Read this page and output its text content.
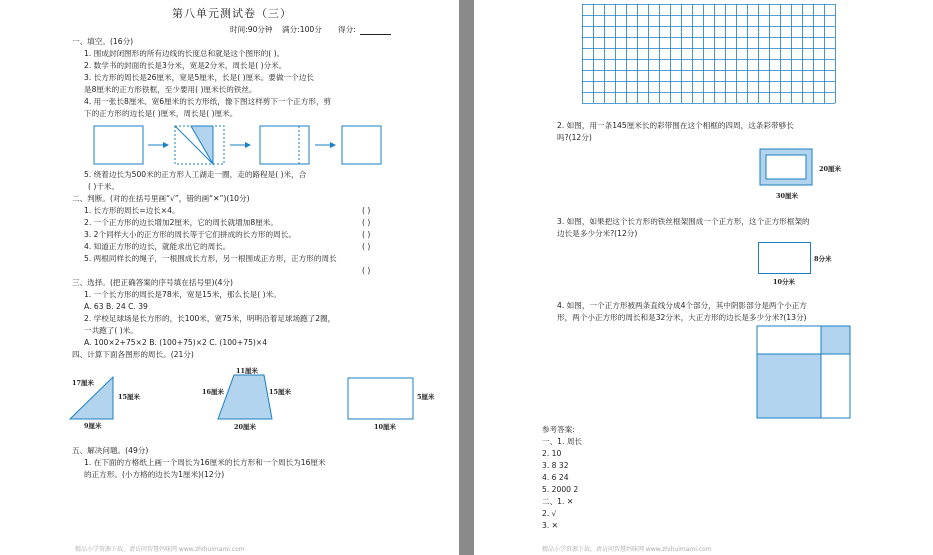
第八单元测试卷（三）
时间:90分钟 满分:100分 得分:
一、填空。(16分)
1. 围成封闭图形的所有边线的长度总和就是这个图形的( )。
2. 数学书的封面的长是3分米，宽是2分米，周长是( )分米。
3. 长方形的周长是26厘米，宽是5厘米，长是( )厘米。要做一个边长
是8厘米的正方形铁框，至少要用( )厘米长的铁丝。
4. 用一张长8厘米、宽6厘米的长方形纸，像下图这样剪下一个正方形，剪
下的正方形的边长是( )厘米，周长是( )厘米。
5. 绕着边长为500米的正方形人工湖走一圈，走的路程是( )米，合
( )千米。
二、判断。(对的在括号里画“√”，错的画“✕”)(10分)
1. 长方形的周长=边长×4。	( )
2. 一个正方形的边长增加2厘米，它的周长就增加8厘米。	( )
3. 2个同样大小的正方形的周长等于它们拼成的长方形的周长。	( )
4. 知道正方形的边长，就能求出它的周长。	( )
5. 两根同样长的绳子，一根围成长方形，另一根围成正方形，正方形的周长
( )
三、选择。(把正确答案的序号填在括号里)(4分)
1. 一个长方形的周长是78米，宽是15米，那么长是( )米。
A. 63 B. 24 C. 39
2. 学校足球场是长方形的，长100米，宽75米，明明沿着足球场跑了2圈，
一共跑了( )米。
A. 100×2+75×2 B. (100+75)×2 C. (100+75)×4
四、计算下面各图形的周长。(21分)
17厘米
15厘米
9厘米
11厘米
16厘米	15厘米
20厘米
5厘米
10厘米
五、解决问题。(49分)
1. 在下面的方格纸上画一个周长为16厘米的长方形和一个周长为16厘米
的正方形。(小方格的边长为1厘米)(12分)
精品小学资源下载，请访问智慧妈咪网 www.zhihuimami.com
2. 如图，用一条145厘米长的彩带围在这个相框的四周，这条彩带够长
吗?(12分)
20厘米
30厘米
3. 如图，如果把这个长方形的铁丝框架围成一个正方形，这个正方形框架的
边长是多少分米?(12分)
8分米
10分米
4. 如图，一个正方形被两条直线分成4个部分，其中阴影部分是两个小正方
形，两个小正方形的周长和是32分米，大正方形的边长是多少分米?(13分)
参考答案:
一、1. 周长
2. 10
3. 8 32
4. 6 24
5. 2000 2
二、1. ✕
2. √
3. ✕
精品小学资源下载，请访问智慧妈咪网 www.zhihuimami.com
